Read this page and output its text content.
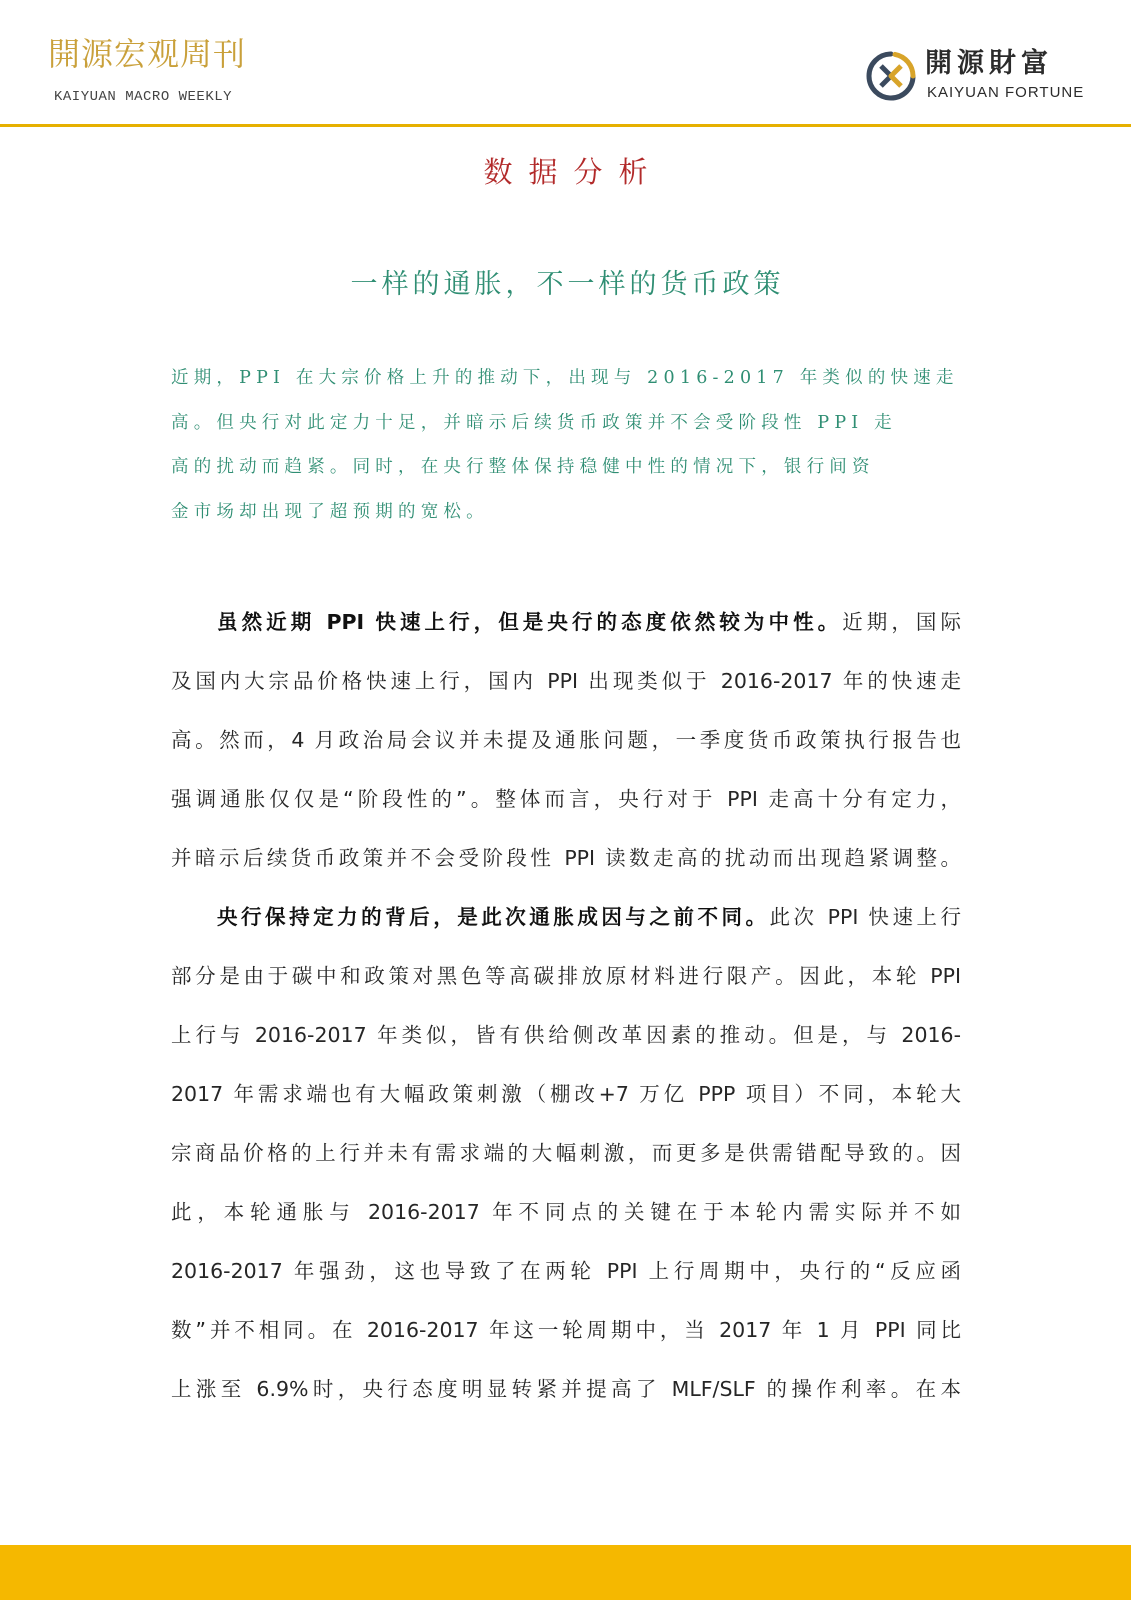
開源宏观周刊
KAIYUAN MACRO WEEKLY
開源財富
KAIYUAN FORTUNE
数据分析
一样的通胀，不一样的货币政策
近期，PPI 在大宗价格上升的推动下，出现与 2016-2017 年类似的快速走
高。但央行对此定力十足，并暗示后续货币政策并不会受阶段性 PPI 走
高的扰动而趋紧。同时，在央行整体保持稳健中性的情况下，银行间资
金市场却出现了超预期的宽松。
虽然近期 PPI 快速上行，但是央行的态度依然较为中性。近期，国际
及国内大宗品价格快速上行，国内 PPI 出现类似于 2016-2017 年的快速走
高。然而，4 月政治局会议并未提及通胀问题，一季度货币政策执行报告也
强调通胀仅仅是“阶段性的”。整体而言，央行对于 PPI 走高十分有定力，
并暗示后续货币政策并不会受阶段性 PPI 读数走高的扰动而出现趋紧调整。
央行保持定力的背后，是此次通胀成因与之前不同。此次 PPI 快速上行
部分是由于碳中和政策对黑色等高碳排放原材料进行限产。因此，本轮 PPI
上行与 2016-2017 年类似，皆有供给侧改革因素的推动。但是，与 2016-
2017 年需求端也有大幅政策刺激（棚改+7 万亿 PPP 项目）不同，本轮大
宗商品价格的上行并未有需求端的大幅刺激，而更多是供需错配导致的。因
此，本轮通胀与 2016-2017 年不同点的关键在于本轮内需实际并不如
2016-2017 年强劲，这也导致了在两轮 PPI 上行周期中，央行的“反应函
数”并不相同。在 2016-2017 年这一轮周期中，当 2017 年 1 月 PPI 同比
上涨至 6.9%时，央行态度明显转紧并提高了 MLF/SLF 的操作利率。在本
